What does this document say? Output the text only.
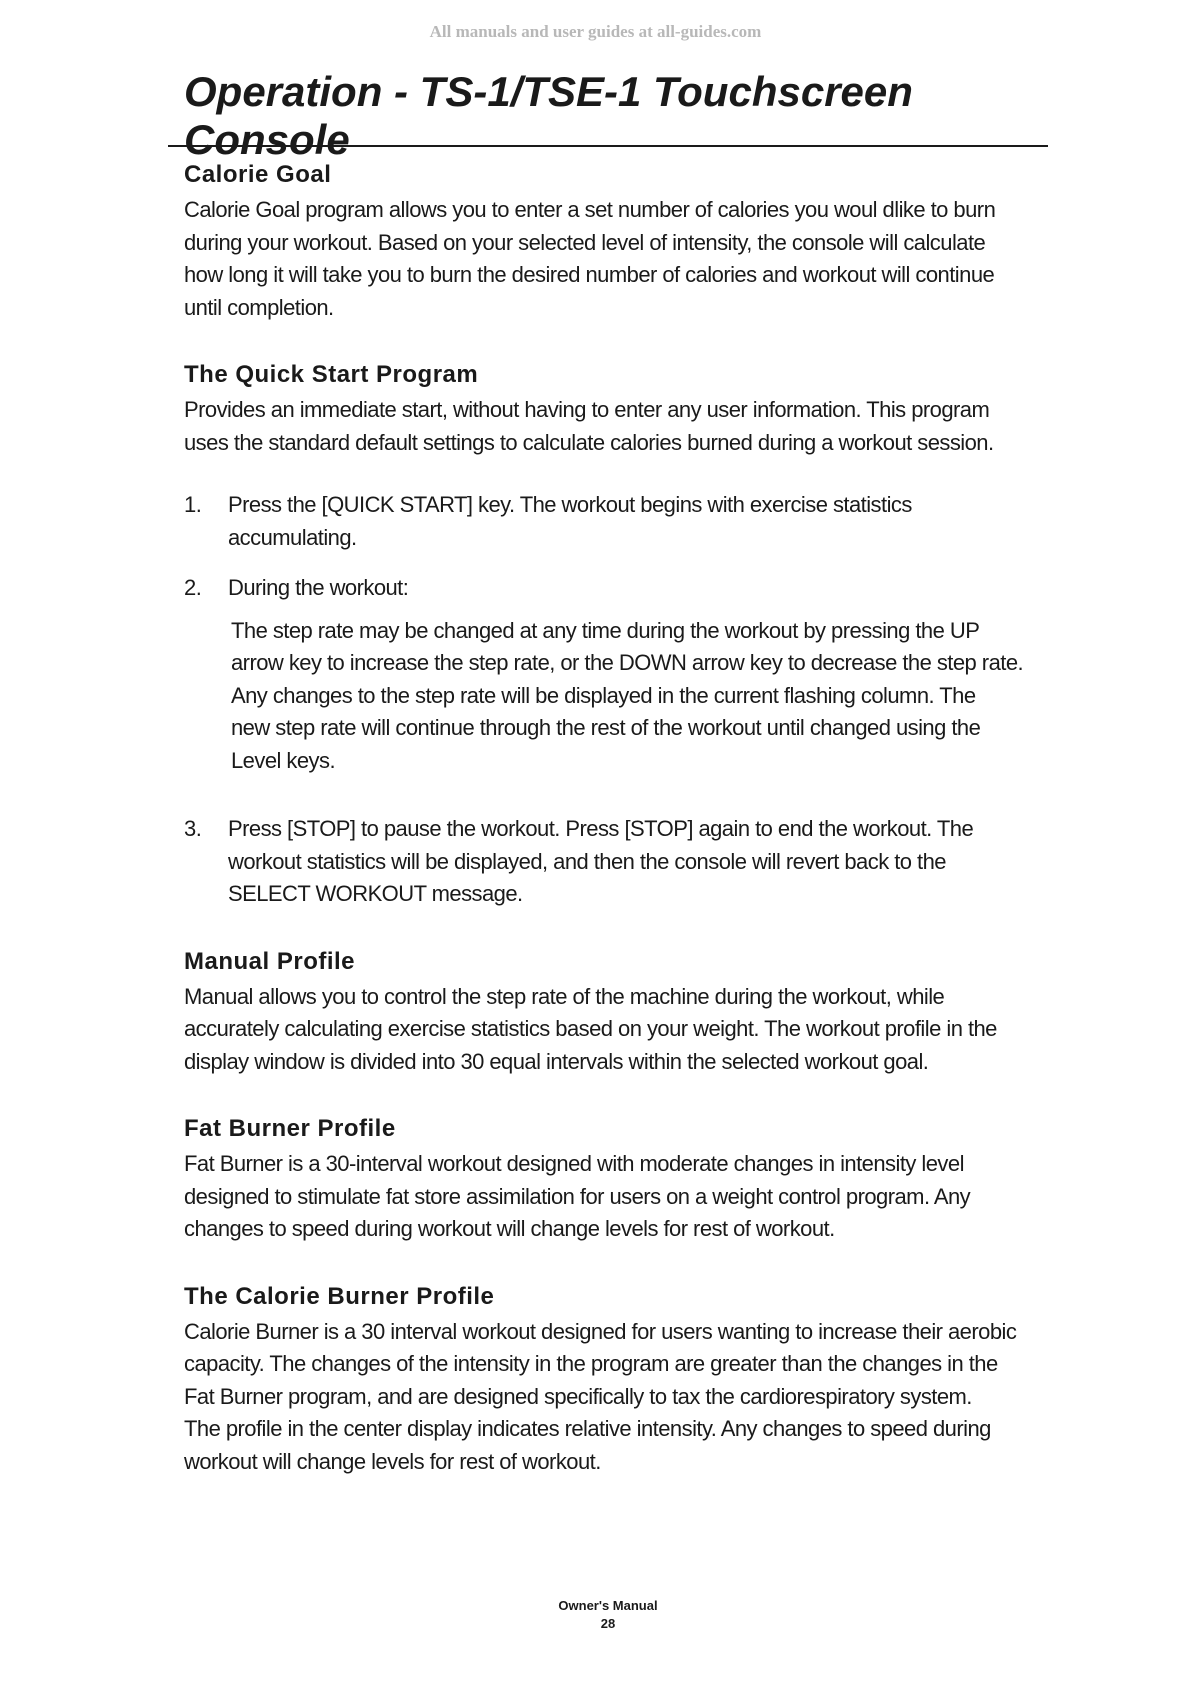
All manuals and user guides at all-guides.com
Operation - TS-1/TSE-1 Touchscreen Console
Calorie Goal

Calorie Goal program allows you to enter a set number of calories you woul dlike to burn
during your workout. Based on your selected level of intensity, the console will calculate
how long it will take you to burn the desired number of calories and workout will continue
until completion.

The Quick Start Program

Provides an immediate start, without having to enter any user information. This program
uses the standard default settings to calculate calories burned during a workout session.

1. Press the [QUICK START] key. The workout begins with exercise statistics
accumulating.

2. During the workout:

The step rate may be changed at any time during the workout by pressing the UP
arrow key to increase the step rate, or the DOWN arrow key to decrease the step rate.
Any changes to the step rate will be displayed in the current flashing column. The
new step rate will continue through the rest of the workout until changed using the
Level keys.

3. Press [STOP] to pause the workout. Press [STOP] again to end the workout. The
workout statistics will be displayed, and then the console will revert back to the
SELECT WORKOUT message.

Manual Profile

Manual allows you to control the step rate of the machine during the workout, while
accurately calculating exercise statistics based on your weight. The workout profile in the
display window is divided into 30 equal intervals within the selected workout goal.

Fat Burner Profile

Fat Burner is a 30-interval workout designed with moderate changes in intensity level
designed to stimulate fat store assimilation for users on a weight control program. Any
changes to speed during workout will change levels for rest of workout.

The Calorie Burner Profile

Calorie Burner is a 30 interval workout designed for users wanting to increase their aerobic
capacity. The changes of the intensity in the program are greater than the changes in the
Fat Burner program, and are designed specifically to tax the cardiorespiratory system.
The profile in the center display indicates relative intensity. Any changes to speed during
workout will change levels for rest of workout.

Owner's Manual
28
